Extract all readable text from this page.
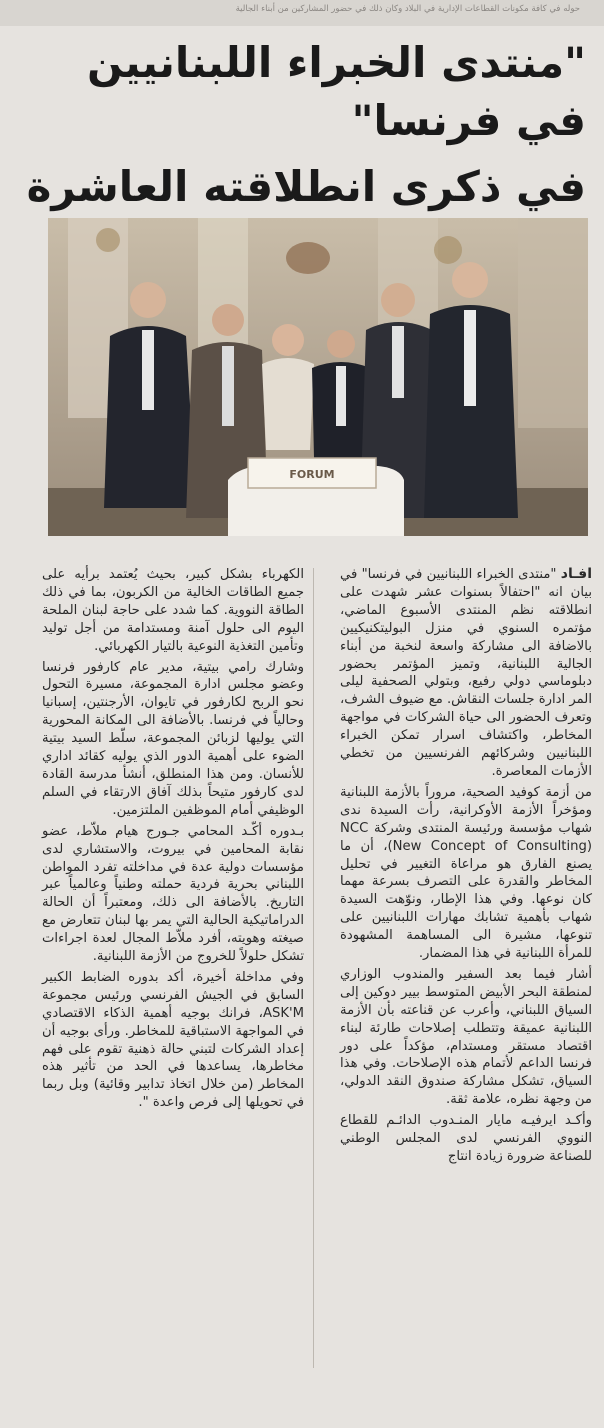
حوله في كافة مكونات القطاعات الإدارية في البلاد وكان ذلك في حضور المشاركين من أبناء الجالية
"منتدى الخبراء اللبنانيين في فرنسا"
في ذكرى انطلاقته العاشرة
FORUM

افـاد "منتدى الخبراء اللبنانيين في فرنسا" في بيان انه "احتفالاً بسنوات عشر شهدت على انطلاقته نظم المنتدى الأسبوع الماضي، مؤتمره السنوي في منزل البوليتكنيكيين بالاضافة الى مشاركة واسعة لنخبة من أبناء الجالية اللبنانية، وتميز المؤتمر بحضور دبلوماسي دولي رفيع، وبتولي الصحفية ليلى المر ادارة جلسات النقاش. مع ضيوف الشرف، وتعرف الحضور الى حياة الشركات في مواجهة المخاطر، واكتشاف اسرار تمكن الخبراء اللبنانيين وشركائهم الفرنسيين من تخطي الأزمات المعاصرة.

من أزمة كوفيد الصحية، مروراً بالأزمة اللبنانية ومؤخراً الأزمة الأوكرانية، رأت السيدة ندى شهاب مؤسسة ورئيسة المنتدى وشركة NCC (New Concept of Consulting)، أن ما يصنع الفارق هو مراعاة التغيير في تحليل المخاطر والقدرة على التصرف بسرعة مهما كان نوعها. وفي هذا الإطار، ونوّهت السيدة شهاب بأهمية تشابك مهارات اللبنانيين على تنوعها، مشيرة الى المساهمة المشهودة للمرأة اللبنانية في هذا المضمار.

أشار فيما بعد السفير والمندوب الوزاري لمنطقة البحر الأبيض المتوسط بيير دوكين إلى السياق اللبناني، وأعرب عن قناعته بأن الأزمة اللبنانية عميقة وتتطلب إصلاحات طارئة لبناء اقتصاد مستقر ومستدام، مؤكداً على دور فرنسا الداعم لأتمام هذه الإصلاحات. وفي هذا السياق، تشكل مشاركة صندوق النقد الدولي، من وجهة نظره، علامة ثقة.

وأكـد ايرفيـه مايار المنـدوب الدائـم للقطاع النووي الفرنسي لدى المجلس الوطني للصناعة ضرورة زيادة انتاج

الكهرباء بشكل كبير، بحيث يُعتمد برأيه على جميع الطاقات الخالية من الكربون، بما في ذلك الطاقة النووية. كما شدد على حاجة لبنان الملحة اليوم الى حلول آمنة ومستدامة من أجل توليد وتأمين التغذية النوعية بالتيار الكهربائي.

وشارك رامي بيتية، مدير عام كارفور فرنسا وعضو مجلس ادارة المجموعة، مسيرة التحول نحو الربح لكارفور في تايوان، الأرجنتين، إسبانيا وحالياً في فرنسا. بالأضافة الى المكانة المحورية التي يوليها لزبائن المجموعة، سلّط السيد بيتية الضوء على أهمية الدور الذي يوليه كقائد اداري للأنسان. ومن هذا المنطلق، أنشأ مدرسة القادة لدى كارفور متيحاً بذلك آفاق الارتقاء في السلم الوظيفي أمام الموظفين الملتزمين.

بـدوره أكّـد المحامي جـورج هيام ملاّط، عضو نقابة المحامين في بيروت، والاستشاري لدى مؤسسات دولية عدة في مداخلته تفرد المواطن اللبناني بحرية فردية حملته وطنياً وعالمياً عبر التاريخ. بالأضافة الى ذلك، ومعتبراً أن الحالة الدراماتيكية الحالية التي يمر بها لبنان تتعارض مع صيغته وهويته، أفرد ملاّط المجال لعدة اجراءات تشكل حلولاً للخروج من الأزمة اللبنانية.

وفي مداخلة أخيرة، أكد بدوره الضابط الكبير السابق في الجيش الفرنسي ورئيس مجموعة ASK'M، فرانك بوجيه أهمية الذكاء الاقتصادي في المواجهة الاستباقية للمخاطر. ورأى بوجيه أن إعداد الشركات لتبني حالة ذهنية تقوم على فهم مخاطرها، يساعدها في الحد من تأثير هذه المخاطر (من خلال اتخاذ تدابير وقائية) وبل ربما في تحويلها إلى فرص واعدة ".
